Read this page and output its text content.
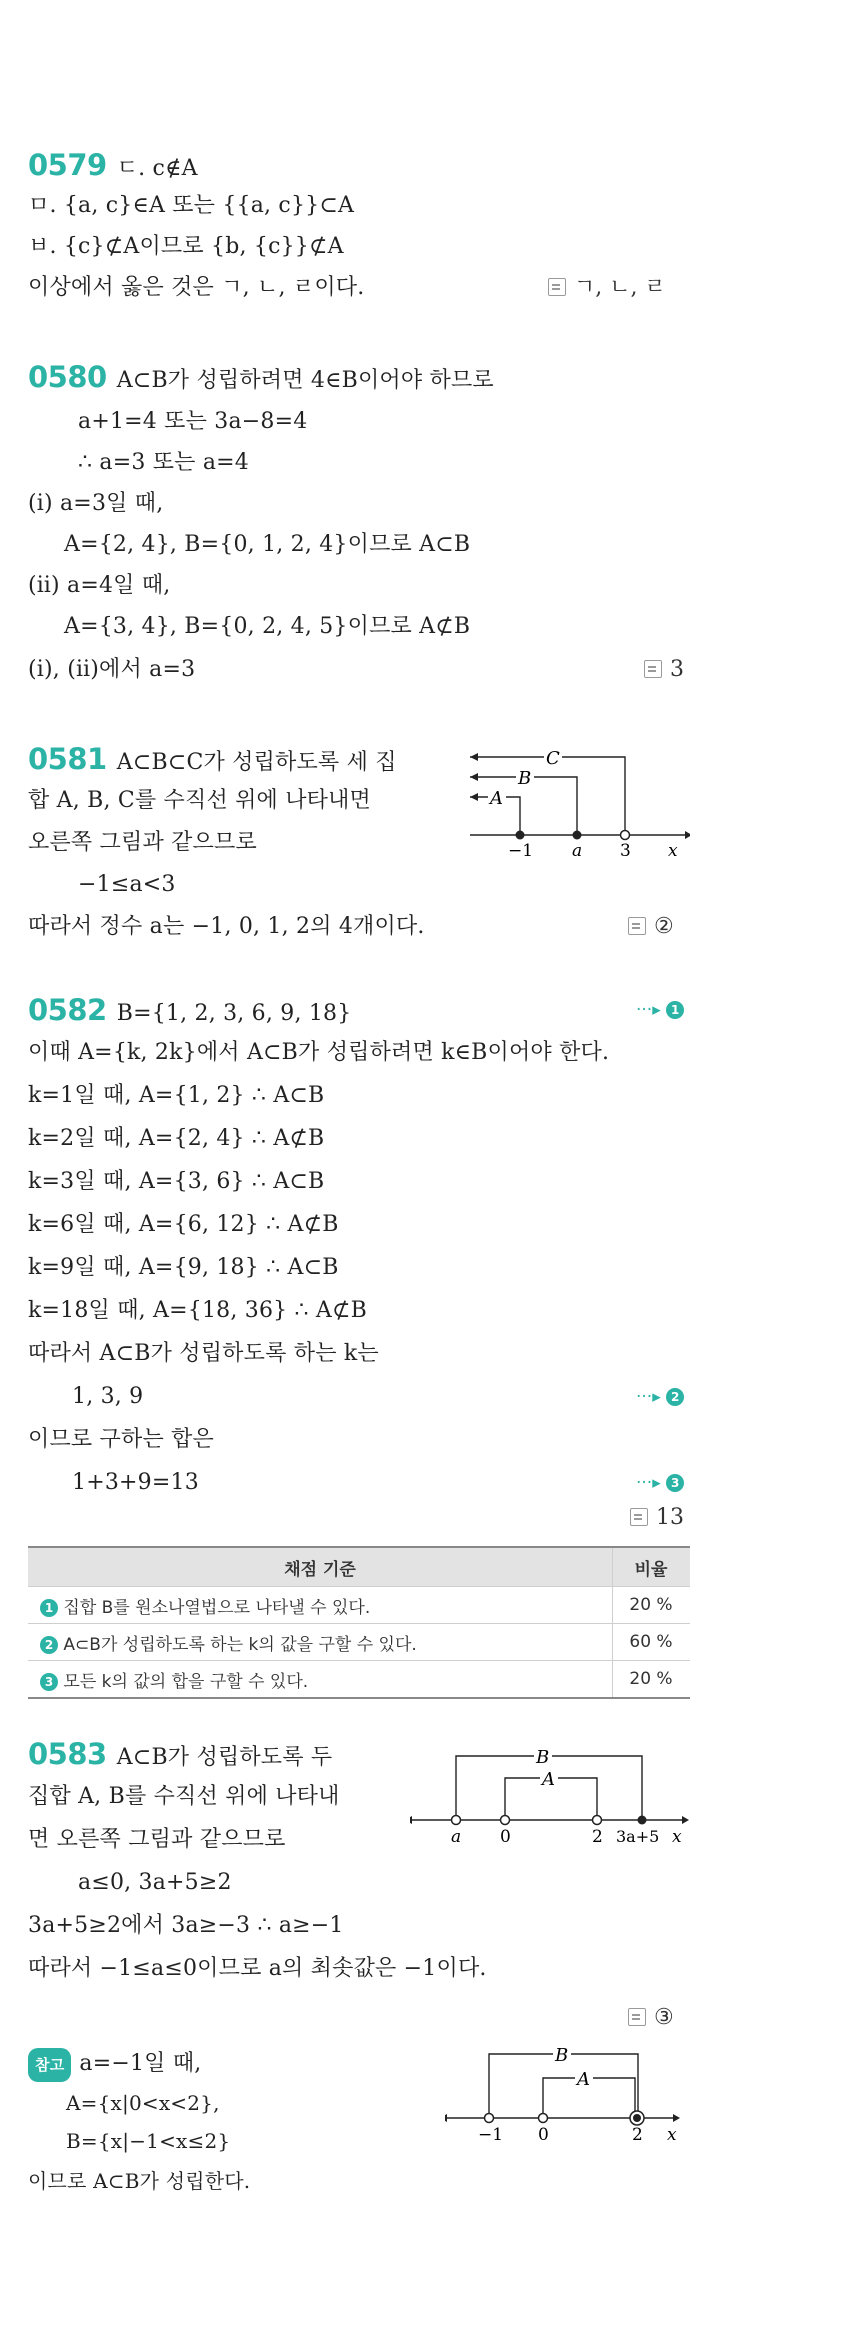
0579 ㄷ. c∉A
ㅁ. {a, c}∈A 또는 {{a, c}}⊂A
ㅂ. {c}⊄A이므로 {b, {c}}⊄A
이상에서 옳은 것은 ㄱ, ㄴ, ㄹ이다.	ㄱ, ㄴ, ㄹ
0580 A⊂B가 성립하려면 4∈B이어야 하므로
a+1=4 또는 3a−8=4
∴ a=3 또는 a=4
(ⅰ) a=3일 때,
A={2, 4}, B={0, 1, 2, 4}이므로 A⊂B
(ⅱ) a=4일 때,
A={3, 4}, B={0, 2, 4, 5}이므로 A⊄B
(ⅰ), (ⅱ)에서 a=3	3
0581 A⊂B⊂C가 성립하도록 세 집
합 A, B, C를 수직선 위에 나타내면
오른쪽 그림과 같으므로
−1≤a<3
따라서 정수 a는 −1, 0, 1, 2의 4개이다.	②
C
B
A
−1 a 3 x
0582 B={1, 2, 3, 6, 9, 18}	···▸ 1
이때 A={k, 2k}에서 A⊂B가 성립하려면 k∈B이어야 한다.
k=1일 때, A={1, 2} ∴ A⊂B
k=2일 때, A={2, 4} ∴ A⊄B
k=3일 때, A={3, 6} ∴ A⊂B
k=6일 때, A={6, 12} ∴ A⊄B
k=9일 때, A={9, 18} ∴ A⊂B
k=18일 때, A={18, 36} ∴ A⊄B
따라서 A⊂B가 성립하도록 하는 k는
1, 3, 9	···▸ 2
이므로 구하는 합은
1+3+9=13	···▸ 3
13
채점 기준	비율
1 집합 B를 원소나열법으로 나타낼 수 있다.	20 %
2 A⊂B가 성립하도록 하는 k의 값을 구할 수 있다.	60 %
3 모든 k의 값의 합을 구할 수 있다.	20 %
0583 A⊂B가 성립하도록 두
집합 A, B를 수직선 위에 나타내
면 오른쪽 그림과 같으므로
a≤0, 3a+5≥2
3a+5≥2에서 3a≥−3 ∴ a≥−1
따라서 −1≤a≤0이므로 a의 최솟값은 −1이다.
③
B
A
a 0	2 3a+5 x
참고 a=−1일 때,
A={x|0<x<2},
B={x|−1<x≤2}
이므로 A⊂B가 성립한다.
B
A
−1 0	2 x
